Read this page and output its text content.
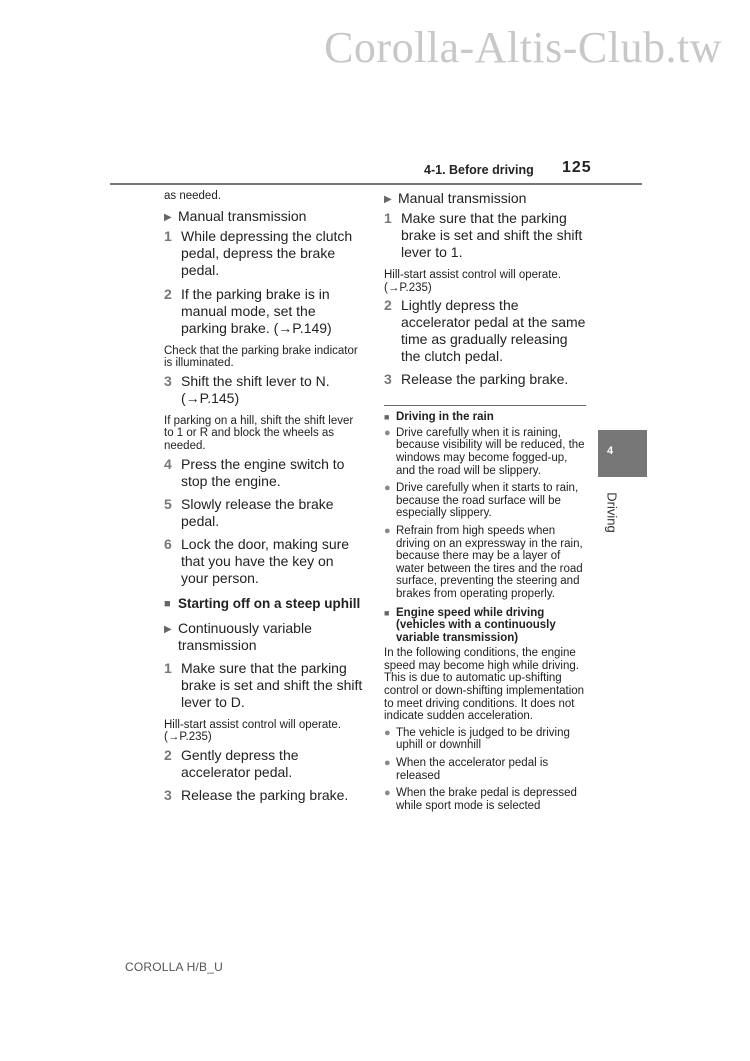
Corolla-Altis-Club.tw
4-1. Before driving 125

as needed.

▶ Manual transmission
1 While depressing the clutch pedal, depress the brake pedal.
2 If the parking brake is in manual mode, set the parking brake. (→P.149)

Check that the parking brake indicator is illuminated.

3 Shift the shift lever to N. (→P.145)

If parking on a hill, shift the shift lever to 1 or R and block the wheels as needed.

4 Press the engine switch to stop the engine.
5 Slowly release the brake pedal.
6 Lock the door, making sure that you have the key on your person.
■ Starting off on a steep uphill
▶ Continuously variable transmission
1 Make sure that the parking brake is set and shift the shift lever to D.

Hill-start assist control will operate. (→P.235)

2 Gently depress the accelerator pedal.
3 Release the parking brake.
▶ Manual transmission
1 Make sure that the parking brake is set and shift the shift lever to 1.

Hill-start assist control will operate. (→P.235)

2 Lightly depress the accelerator pedal at the same time as gradually releasing the clutch pedal.
3 Release the parking brake.
■ Driving in the rain
● Drive carefully when it is raining, because visibility will be reduced, the windows may become fogged-up, and the road will be slippery.
● Drive carefully when it starts to rain, because the road surface will be especially slippery.
● Refrain from high speeds when driving on an expressway in the rain, because there may be a layer of water between the tires and the road surface, preventing the steering and brakes from operating properly.
■ Engine speed while driving (vehicles with a continuously variable transmission)

In the following conditions, the engine speed may become high while driving. This is due to automatic up-shifting control or down-shifting implementation to meet driving conditions. It does not indicate sudden acceleration.

● The vehicle is judged to be driving uphill or downhill
● When the accelerator pedal is released
● When the brake pedal is depressed while sport mode is selected
4
Driving
COROLLA H/B_U
